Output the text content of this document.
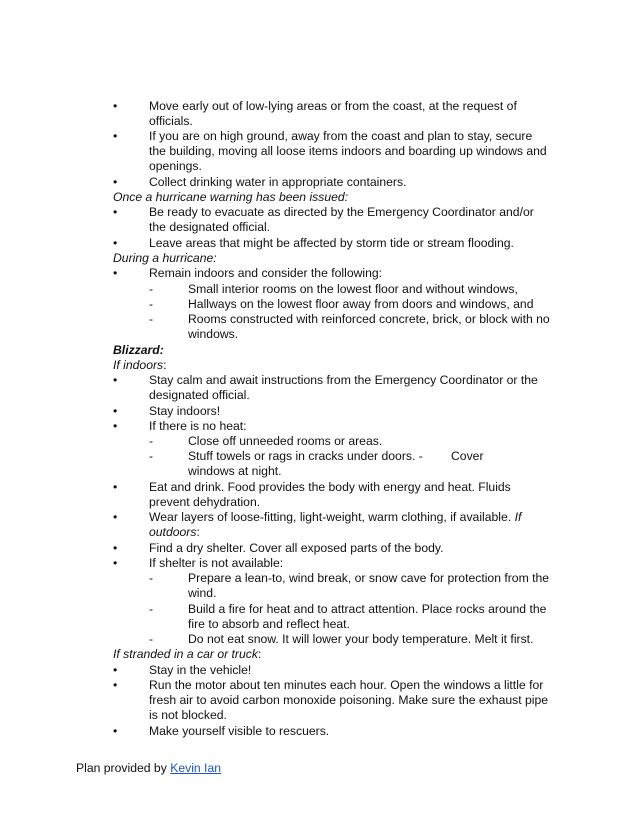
•	Move early out of low-lying areas or from the coast, at the request of
officials.
•	If you are on high ground, away from the coast and plan to stay, secure
the building, moving all loose items indoors and boarding up windows and
openings.
•	Collect drinking water in appropriate containers.
Once a hurricane warning has been issued:
•	Be ready to evacuate as directed by the Emergency Coordinator and/or
the designated official.
•	Leave areas that might be affected by storm tide or stream flooding.
During a hurricane:
•	Remain indoors and consider the following:
-	Small interior rooms on the lowest floor and without windows,
-	Hallways on the lowest floor away from doors and windows, and
-	Rooms constructed with reinforced concrete, brick, or block with no
windows.
Blizzard:
If indoors:
•	Stay calm and await instructions from the Emergency Coordinator or the
designated official.
•	Stay indoors!
•	If there is no heat:
-	Close off unneeded rooms or areas.
-	Stuff towels or rags in cracks under doors. - Cover
windows at night.
•	Eat and drink. Food provides the body with energy and heat. Fluids
prevent dehydration.
•	Wear layers of loose-fitting, light-weight, warm clothing, if available. If
outdoors:
•	Find a dry shelter. Cover all exposed parts of the body.
•	If shelter is not available:
-	Prepare a lean-to, wind break, or snow cave for protection from the
wind.
-	Build a fire for heat and to attract attention. Place rocks around the
fire to absorb and reflect heat.
-	Do not eat snow. It will lower your body temperature. Melt it first.
If stranded in a car or truck:
•	Stay in the vehicle!
•	Run the motor about ten minutes each hour. Open the windows a little for
fresh air to avoid carbon monoxide poisoning. Make sure the exhaust pipe
is not blocked.
•	Make yourself visible to rescuers.
Plan provided by Kevin Ian
